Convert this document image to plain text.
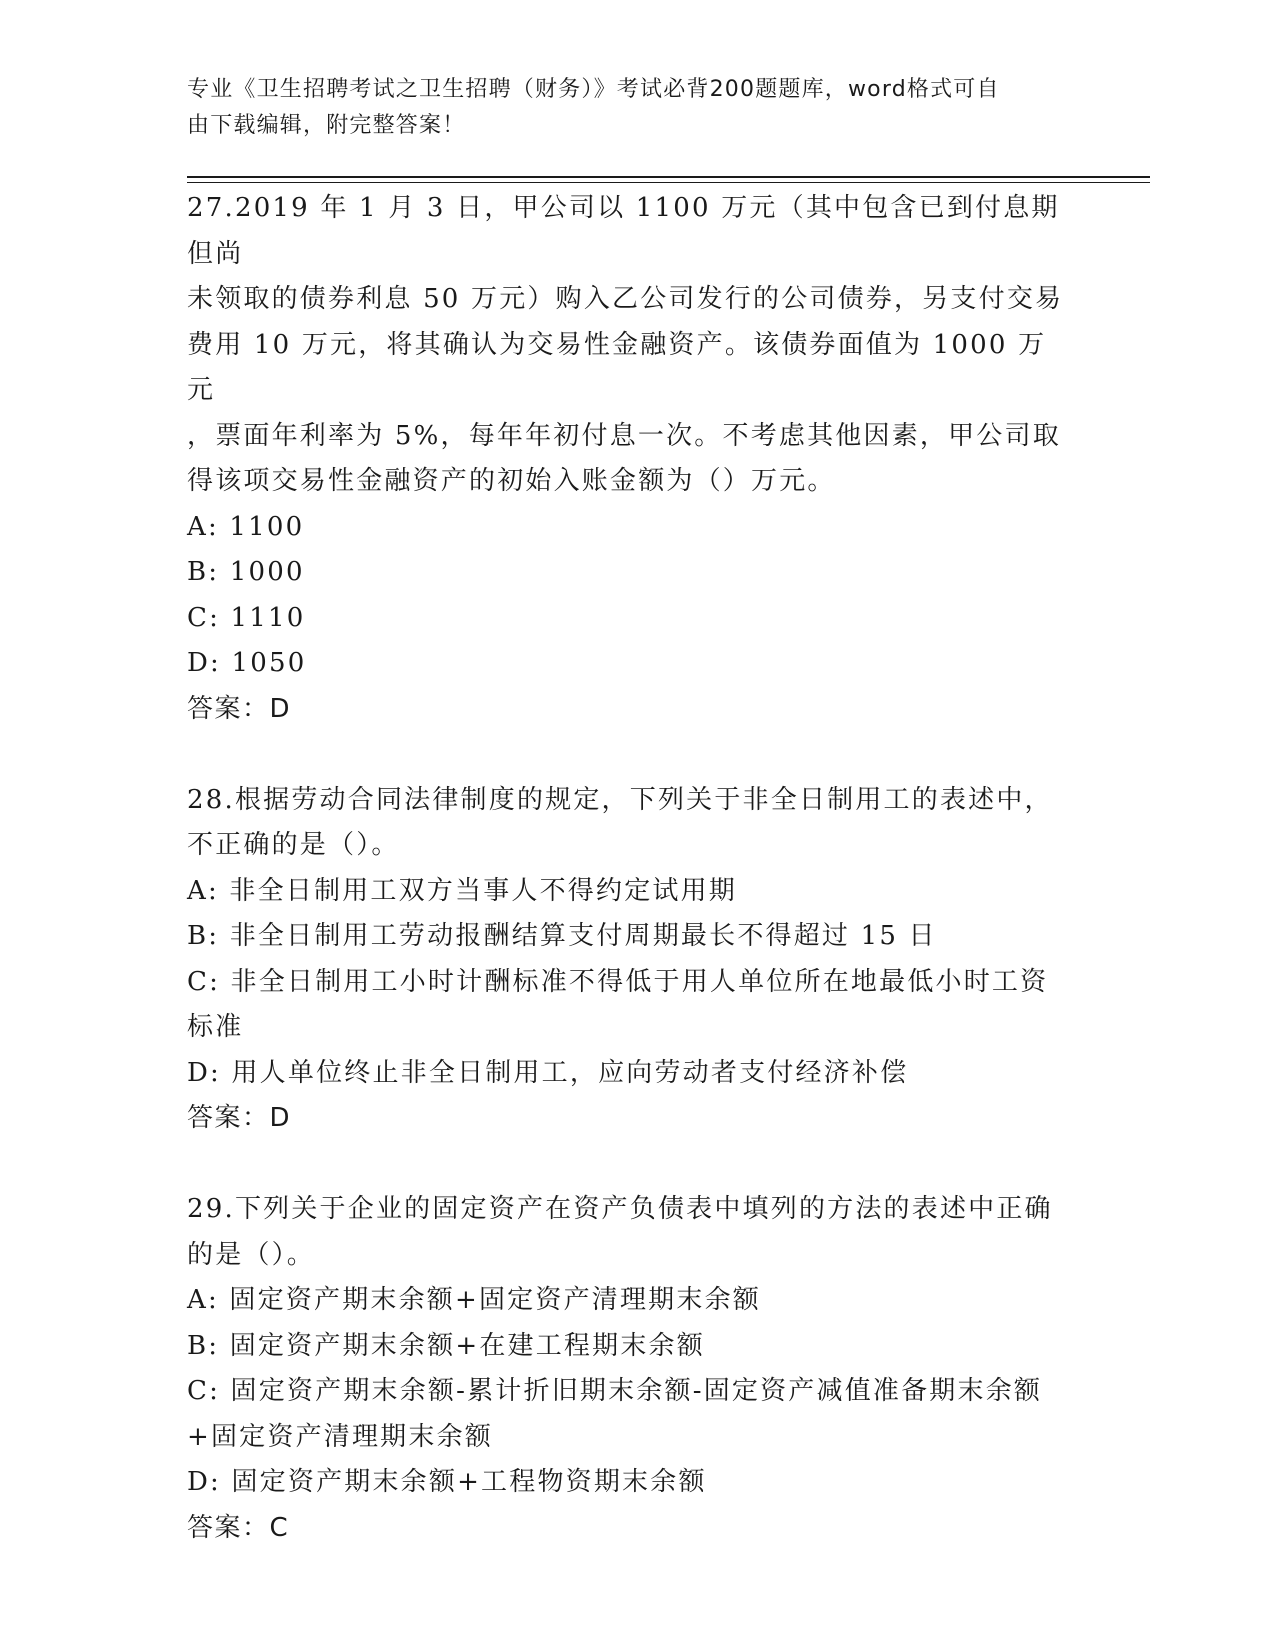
专业《卫生招聘考试之卫生招聘（财务）》考试必背200题题库，word格式可自
由下载编辑，附完整答案！
27.2019 年 1 月 3 日，甲公司以 1100 万元（其中包含已到付息期但尚
未领取的债券利息 50 万元）购入乙公司发行的公司债券，另支付交易
费用 10 万元，将其确认为交易性金融资产。该债券面值为 1000 万元
，票面年利率为 5%，每年年初付息一次。不考虑其他因素，甲公司取
得该项交易性金融资产的初始入账金额为（）万元。
A: 1100
B: 1000
C: 1110
D: 1050
答案：D
28.根据劳动合同法律制度的规定，下列关于非全日制用工的表述中，
不正确的是（）。
A: 非全日制用工双方当事人不得约定试用期
B: 非全日制用工劳动报酬结算支付周期最长不得超过 15 日
C: 非全日制用工小时计酬标准不得低于用人单位所在地最低小时工资
标准
D: 用人单位终止非全日制用工，应向劳动者支付经济补偿
答案：D
29.下列关于企业的固定资产在资产负债表中填列的方法的表述中正确
的是（）。
A: 固定资产期末余额+固定资产清理期末余额
B: 固定资产期末余额+在建工程期末余额
C: 固定资产期末余额-累计折旧期末余额-固定资产减值准备期末余额
+固定资产清理期末余额
D: 固定资产期末余额+工程物资期末余额
答案：C
